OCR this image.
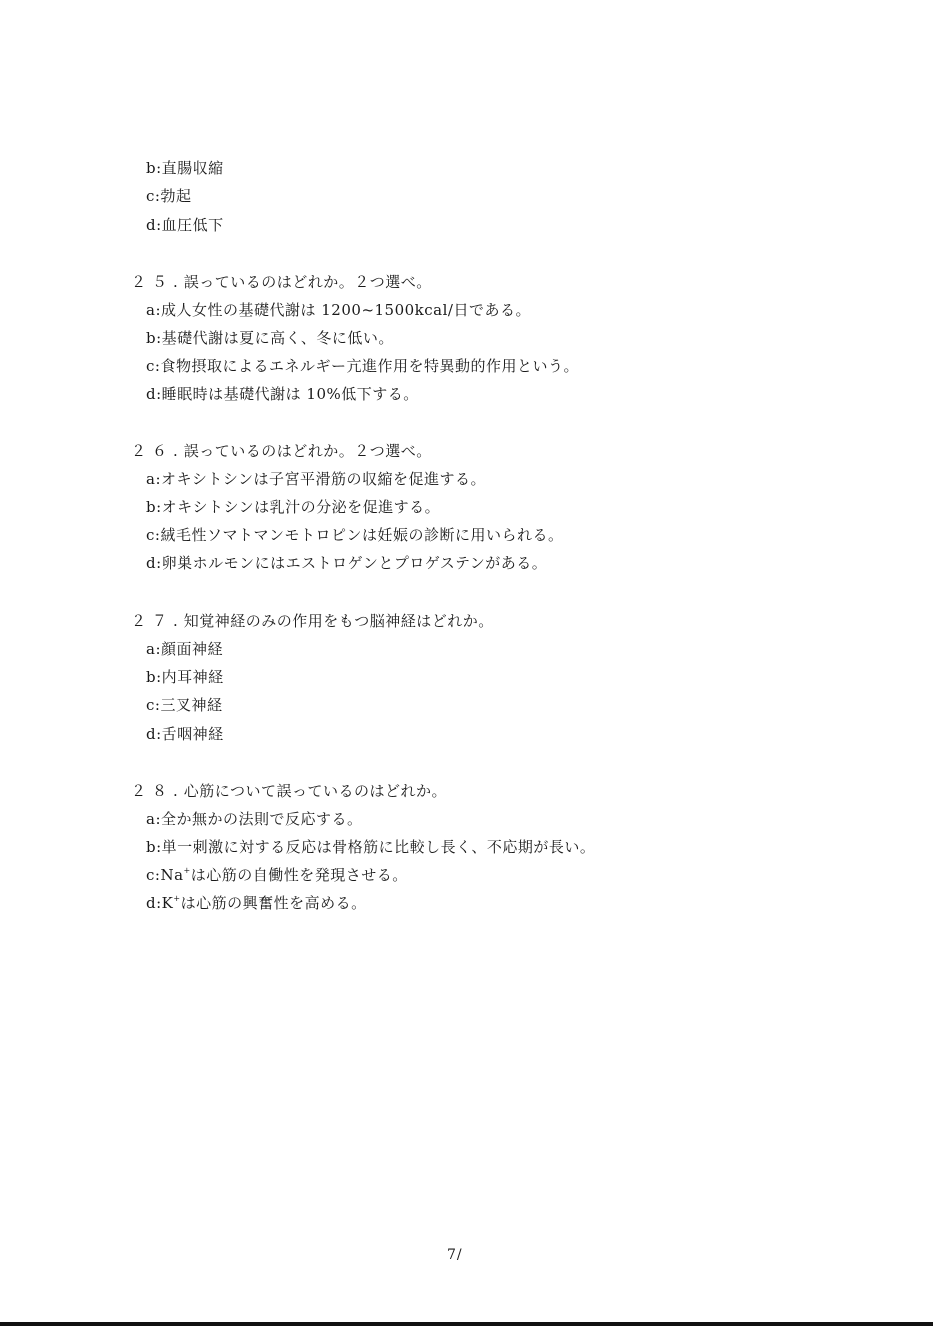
b:直腸収縮
c:勃起
d:血圧低下
２５.誤っているのはどれか。２つ選べ。
a:成人女性の基礎代謝は 1200~1500kcal/日である。
b:基礎代謝は夏に高く、冬に低い。
c:食物摂取によるエネルギー亢進作用を特異動的作用という。
d:睡眠時は基礎代謝は 10%低下する。
２６.誤っているのはどれか。２つ選べ。
a:オキシトシンは子宮平滑筋の収縮を促進する。
b:オキシトシンは乳汁の分泌を促進する。
c:絨毛性ソマトマンモトロピンは妊娠の診断に用いられる。
d:卵巣ホルモンにはエストロゲンとプロゲステンがある。
２７.知覚神経のみの作用をもつ脳神経はどれか。
a:顔面神経
b:内耳神経
c:三叉神経
d:舌咽神経
２８.心筋について誤っているのはどれか。
a:全か無かの法則で反応する。
b:単一刺激に対する反応は骨格筋に比較し長く、不応期が長い。
c:Na+は心筋の自働性を発現させる。
d:K+は心筋の興奮性を高める。
7/
